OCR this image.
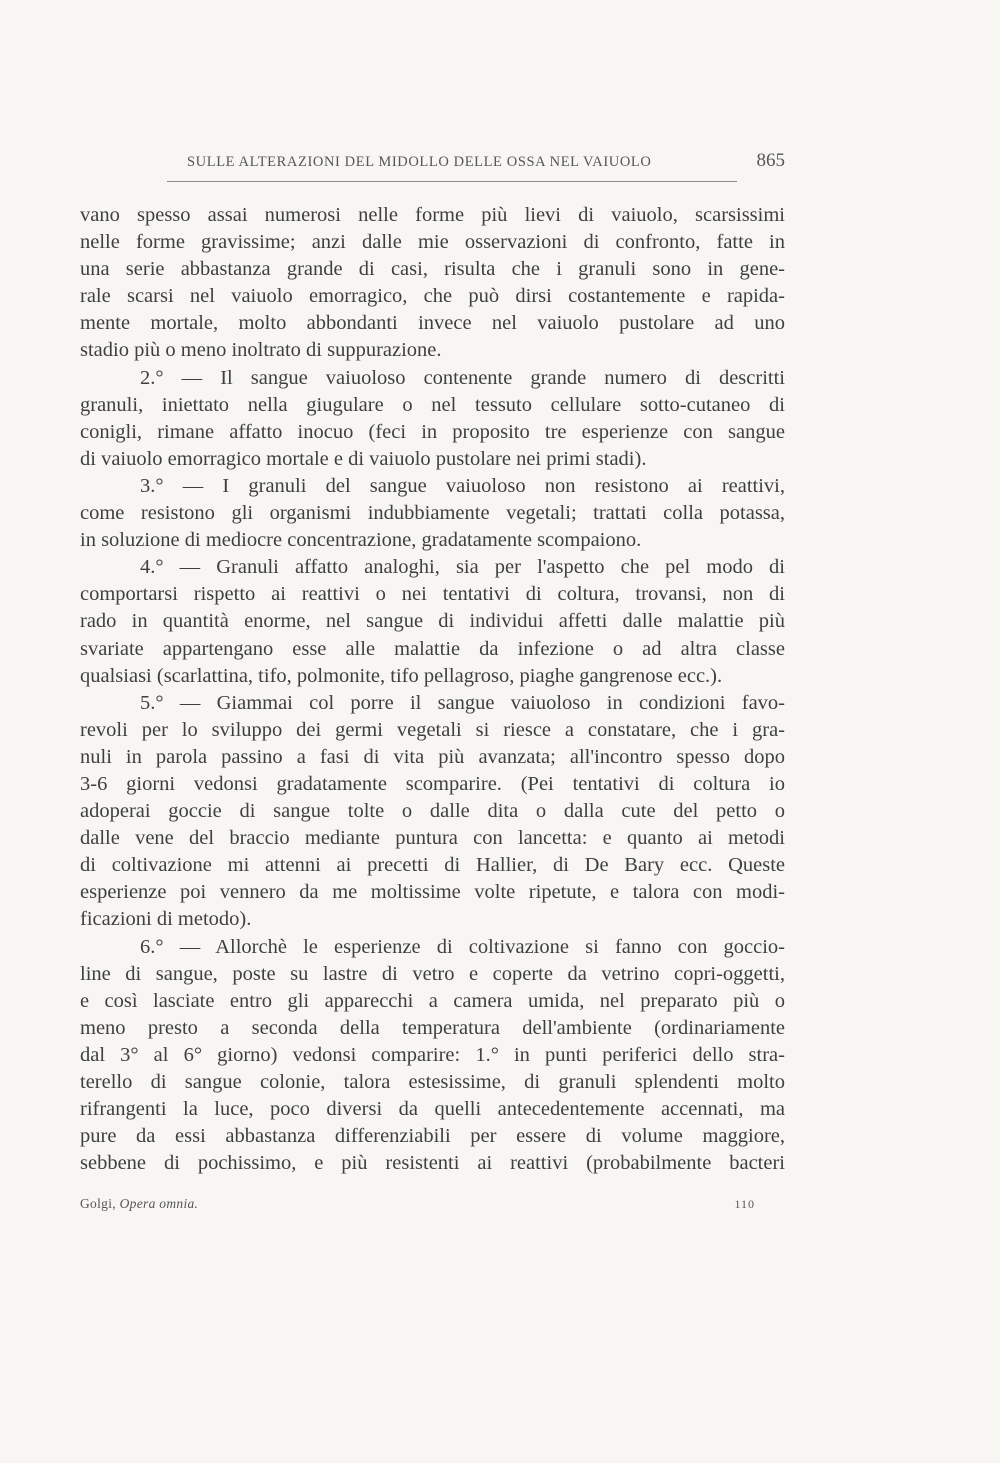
SULLE ALTERAZIONI DEL MIDOLLO DELLE OSSA NEL VAIUOLO	865
vano spesso assai numerosi nelle forme più lievi di vaiuolo, scarsissimi
nelle forme gravissime; anzi dalle mie osservazioni di confronto, fatte in
una serie abbastanza grande di casi, risulta che i granuli sono in gene-
rale scarsi nel vaiuolo emorragico, che può dirsi costantemente e rapida-
mente mortale, molto abbondanti invece nel vaiuolo pustolare ad uno
stadio più o meno inoltrato di suppurazione.
2.° — Il sangue vaiuoloso contenente grande numero di descritti
granuli, iniettato nella giugulare o nel tessuto cellulare sotto-cutaneo di
conigli, rimane affatto inocuo (feci in proposito tre esperienze con sangue
di vaiuolo emorragico mortale e di vaiuolo pustolare nei primi stadi).
3.° — I granuli del sangue vaiuoloso non resistono ai reattivi,
come resistono gli organismi indubbiamente vegetali; trattati colla potassa,
in soluzione di mediocre concentrazione, gradatamente scompaiono.
4.° — Granuli affatto analoghi, sia per l'aspetto che pel modo di
comportarsi rispetto ai reattivi o nei tentativi di coltura, trovansi, non di
rado in quantità enorme, nel sangue di individui affetti dalle malattie più
svariate appartengano esse alle malattie da infezione o ad altra classe
qualsiasi (scarlattina, tifo, polmonite, tifo pellagroso, piaghe gangrenose ecc.).
5.° — Giammai col porre il sangue vaiuoloso in condizioni favo-
revoli per lo sviluppo dei germi vegetali si riesce a constatare, che i gra-
nuli in parola passino a fasi di vita più avanzata; all'incontro spesso dopo
3-6 giorni vedonsi gradatamente scomparire. (Pei tentativi di coltura io
adoperai goccie di sangue tolte o dalle dita o dalla cute del petto o
dalle vene del braccio mediante puntura con lancetta: e quanto ai metodi
di coltivazione mi attenni ai precetti di Hallier, di De Bary ecc. Queste
esperienze poi vennero da me moltissime volte ripetute, e talora con modi-
ficazioni di metodo).
6.° — Allorchè le esperienze di coltivazione si fanno con gocciо-
line di sangue, poste su lastre di vetro e coperte da vetrino copri-oggetti,
e così lasciate entro gli apparecchi a camera umida, nel preparato più o
meno presto a seconda della temperatura dell'ambiente (ordinariamente
dal 3° al 6° giorno) vedonsi comparire: 1.° in punti periferici dello stra-
terello di sangue colonie, talora estesissime, di granuli splendenti molto
rifrangenti la luce, poco diversi da quelli antecedentemente accennati, ma
pure da essi abbastanza differenziabili per essere di volume maggiore,
sebbene di pochissimo, e più resistenti ai reattivi (probabilmente bacteri
Golgi, Opera omnia.	110
